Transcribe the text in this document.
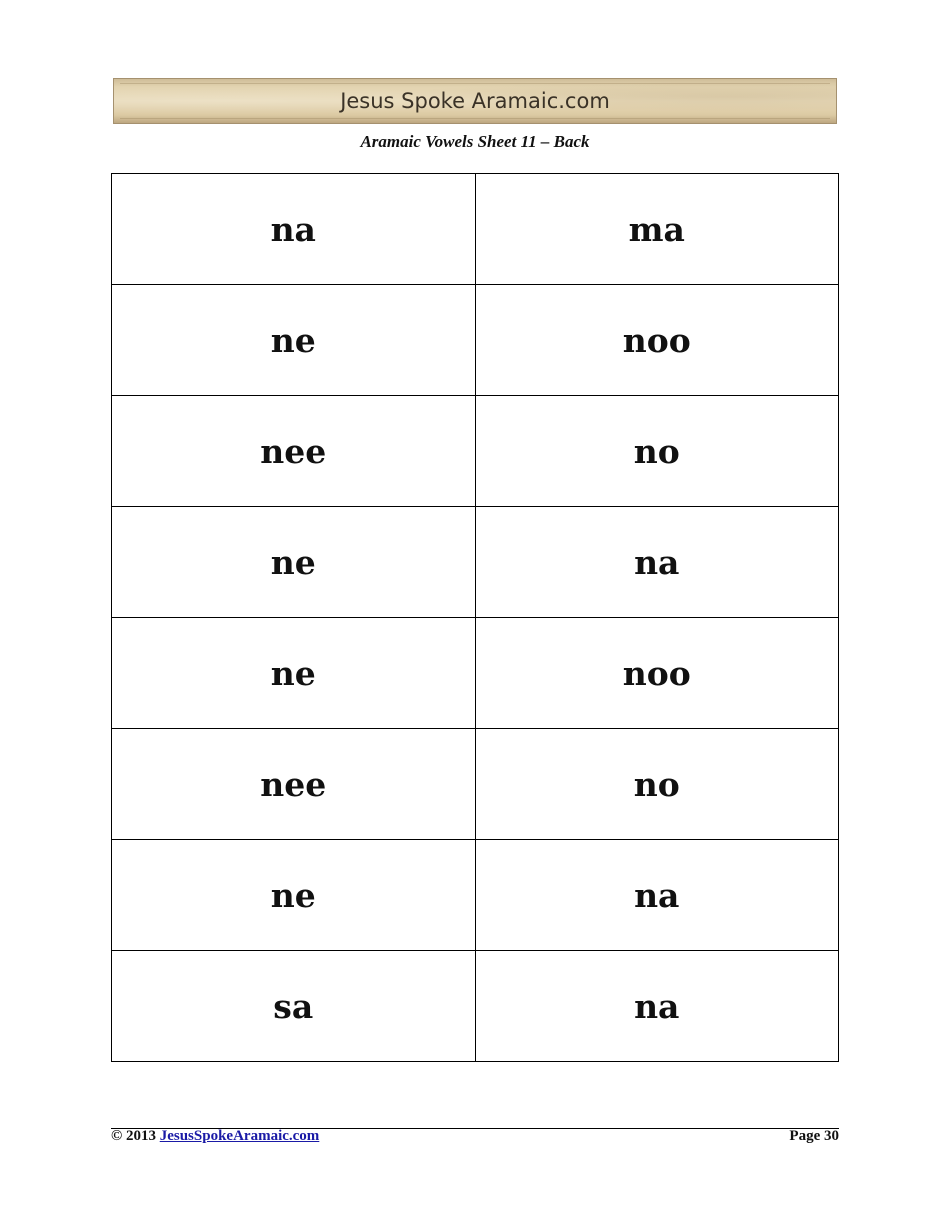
Jesus Spoke Aramaic.com
Aramaic Vowels Sheet 11 – Back
na	ma
ne	noo
nee	no
ne	na
ne	noo
nee	no
ne	na
sa	na
© 2013 JesusSpokeAramaic.com	Page 30
